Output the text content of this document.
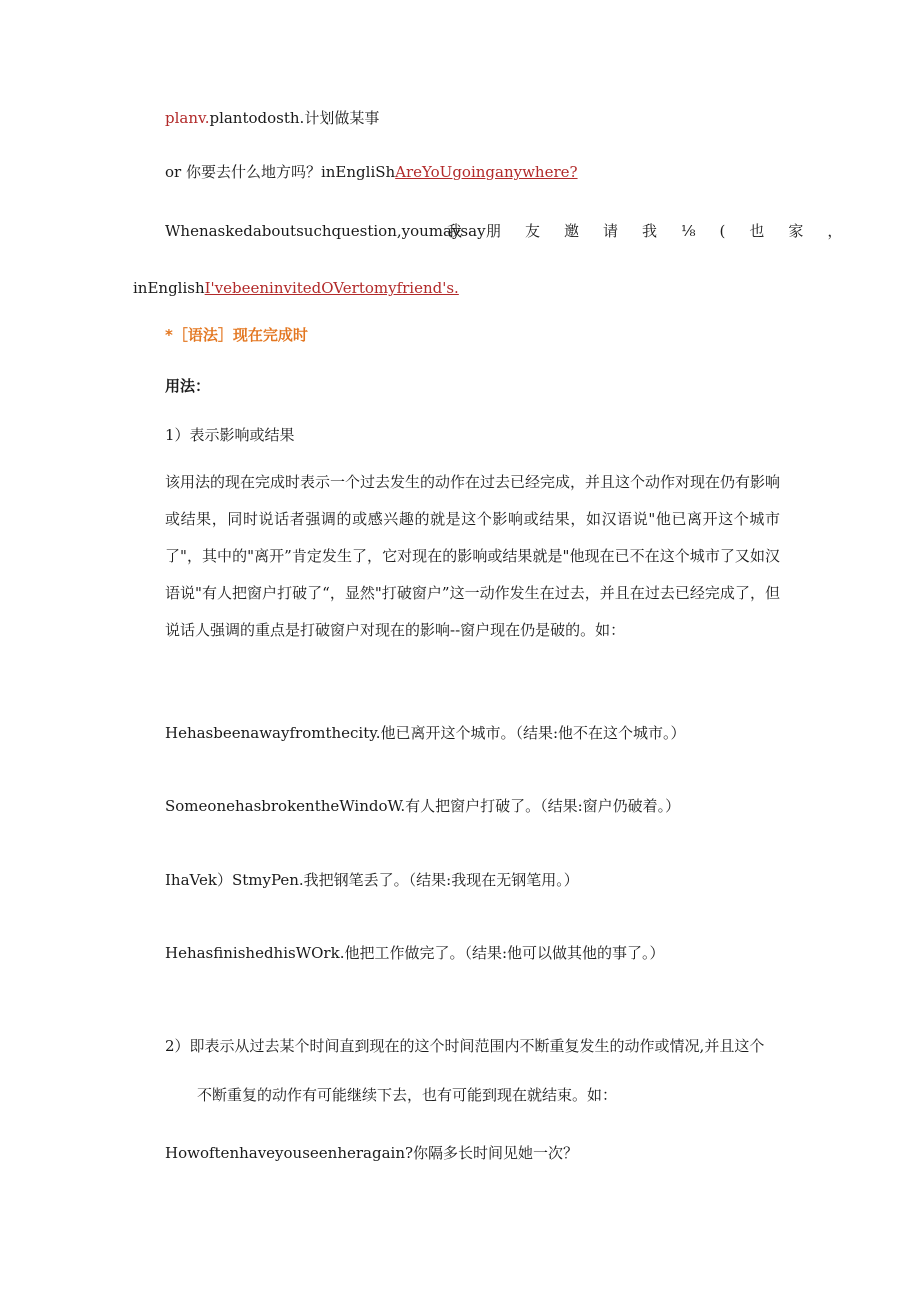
planv.plantodosth.计划做某事
or 你要去什么地方吗？inEngliShAreYoUgoinganywhere?
Whenaskedaboutsuchquestion,youmaysay
我朋友邀请我⅛(也家，
inEnglishI'vebeeninvitedOVertomyfriend's.
*［语法］现在完成时
用法：
1）表示影响或结果
该用法的现在完成时表示一个过去发生的动作在过去已经完成，并且这个动作对现在仍有影响或结果，同时说话者强调的或感兴趣的就是这个影响或结果，如汉语说"他已离开这个城市了"，其中的"离开”肯定发生了，它对现在的影响或结果就是"他现在已不在这个城市了又如汉语说"有人把窗户打破了“，显然"打破窗户”这一动作发生在过去，并且在过去已经完成了，但说话人强调的重点是打破窗户对现在的影响--窗户现在仍是破的。如：
Hehasbeenawayfromthecity.他已离开这个城市。（结果:他不在这个城市。）
SomeonehasbrokentheWindoW.有人把窗户打破了。（结果:窗户仍破着。）
IhaVek）StmyPen.我把钢笔丢了。（结果:我现在无钢笔用。）
HehasfinishedhisWOrk.他把工作做完了。（结果:他可以做其他的事了。）
2）即表示从过去某个时间直到现在的这个时间范围内不断重复发生的动作或情况,并且这个
不断重复的动作有可能继续下去，也有可能到现在就结束。如：
Howoftenhaveyouseenheragain?你隔多长时间见她一次？
